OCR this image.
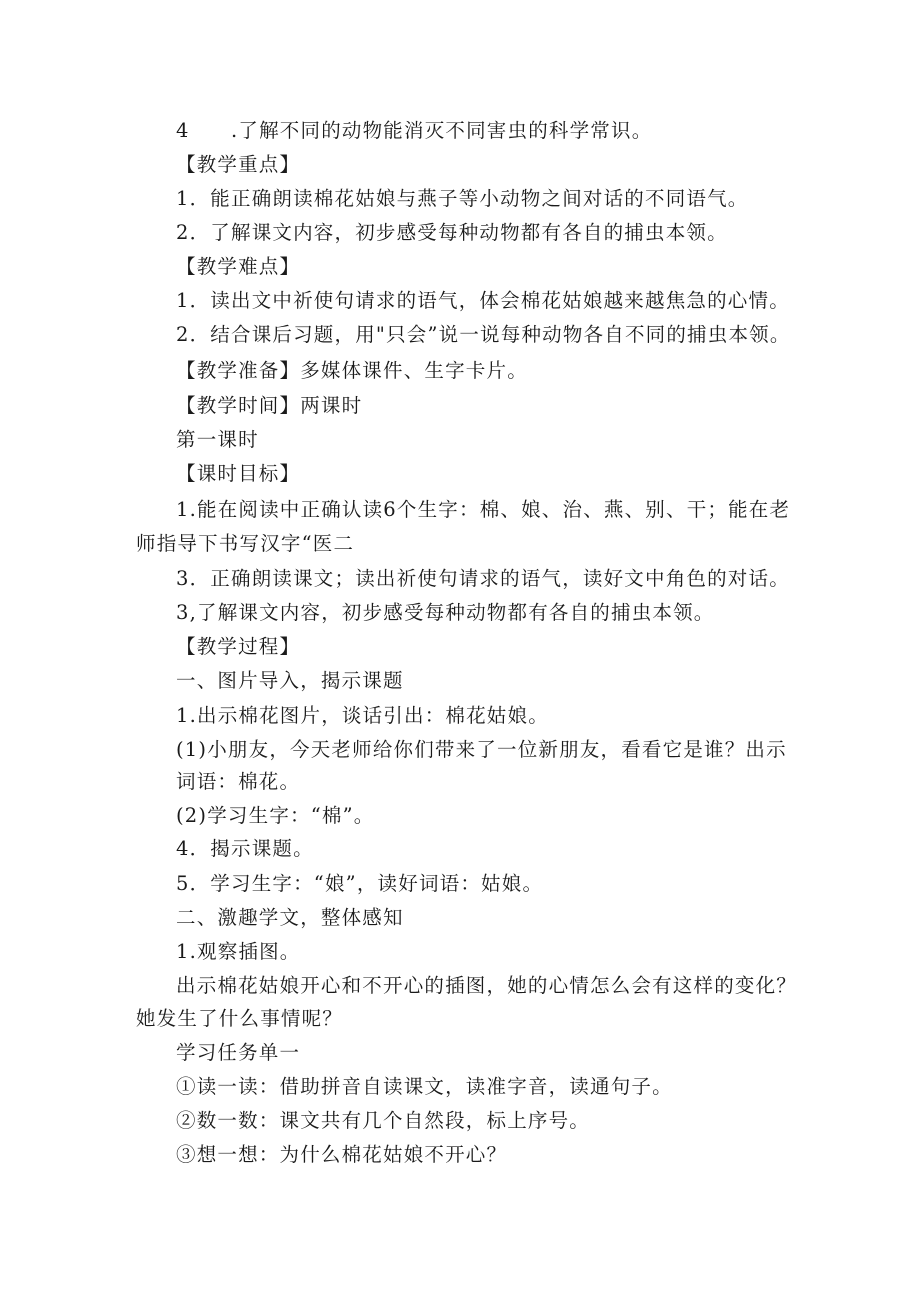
4　　.了解不同的动物能消灭不同害虫的科学常识。
【教学重点】
1．能正确朗读棉花姑娘与燕子等小动物之间对话的不同语气。
2．了解课文内容，初步感受每种动物都有各自的捕虫本领。
【教学难点】
1．读出文中祈使句请求的语气，体会棉花姑娘越来越焦急的心情。
2．结合课后习题，用"只会”说一说每种动物各自不同的捕虫本领。
【教学准备】多媒体课件、生字卡片。
【教学时间】两课时
第一课时
【课时目标】
1.能在阅读中正确认读6个生字：棉、娘、治、燕、别、干；能在老
师指导下书写汉字“医二
3．正确朗读课文；读出祈使句请求的语气，读好文中角色的对话。
3,了解课文内容，初步感受每种动物都有各自的捕虫本领。
【教学过程】
一、图片导入，揭示课题
1.出示棉花图片，谈话引出：棉花姑娘。
(1)小朋友，今天老师给你们带来了一位新朋友，看看它是谁？出示
词语：棉花。
(2)学习生字：“棉”。
4．揭示课题。
5．学习生字：“娘”，读好词语：姑娘。
二、激趣学文，整体感知
1.观察插图。
出示棉花姑娘开心和不开心的插图，她的心情怎么会有这样的变化？
她发生了什么事情呢？
学习任务单一
①读一读：借助拼音自读课文，读准字音，读通句子。
②数一数：课文共有几个自然段，标上序号。
③想一想：为什么棉花姑娘不开心？
